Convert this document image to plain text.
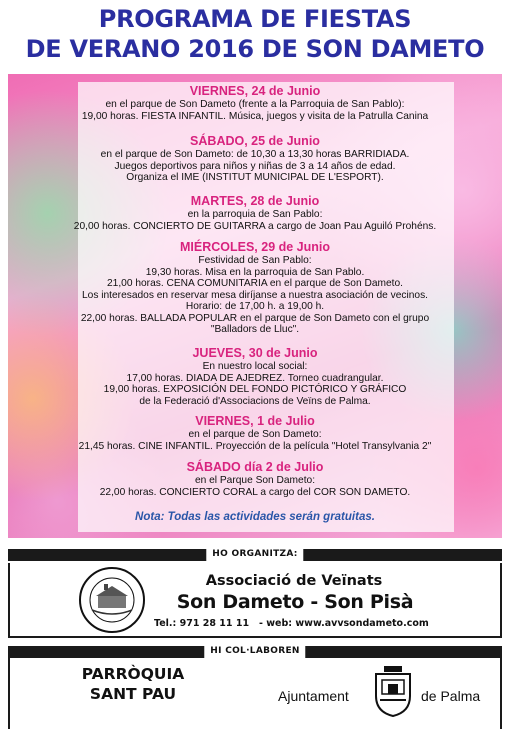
PROGRAMA DE FIESTAS
DE VERANO 2016 DE SON DAMETO
VIERNES, 24 de Junio
en el parque de Son Dameto (frente a la Parroquia de San Pablo):
19,00 horas. FIESTA INFANTIL. Música, juegos y visita de la Patrulla Canina
SÁBADO, 25 de Junio
en el parque de Son Dameto: de 10,30 a 13,30 horas BARRIDIADA.
Juegos deportivos para niños y niñas de 3 a 14 años de edad.
Organiza el IME (INSTITUT MUNICIPAL DE L'ESPORT).
MARTES, 28 de Junio
en la parroquia de San Pablo:
20,00 horas. CONCIERTO DE GUITARRA a cargo de Joan Pau Aguiló Prohéns.
MIÉRCOLES, 29 de Junio
Festividad de San Pablo:
19,30 horas. Misa en la parroquia de San Pablo.
21,00 horas. CENA COMUNITARIA en el parque de Son Dameto.
Los interesados en reservar mesa diríjanse a nuestra asociación de vecinos.
Horario: de 17,00 h. a 19,00 h.
22,00 horas. BALLADA POPULAR en el parque de Son Dameto con el grupo
"Balladors de Lluc".
JUEVES, 30 de Junio
En nuestro local social:
17,00 horas. DIADA DE AJEDREZ. Torneo cuadrangular.
19,00 horas. EXPOSICIÓN DEL FONDO PICTÓRICO Y GRÁFICO
de la Federació d'Associacions de Veïns de Palma.
VIERNES, 1 de Julio
en el parque de Son Dameto:
21,45 horas. CINE INFANTIL. Proyección de la película "Hotel Transylvania 2"
SÁBADO día 2 de Julio
en el Parque Son Dameto:
22,00 horas. CONCIERTO CORAL a cargo del COR SON DAMETO.
Nota: Todas las actividades serán gratuitas.
HO ORGANITZA:
Associació de Veïnats
Son Dameto - Son Pisà
Tel.: 971 28 11 11 - web: www.avvsondameto.com
HI COL·LABOREN
PARRÒQUIA
SANT PAU	Ajuntament	de Palma
